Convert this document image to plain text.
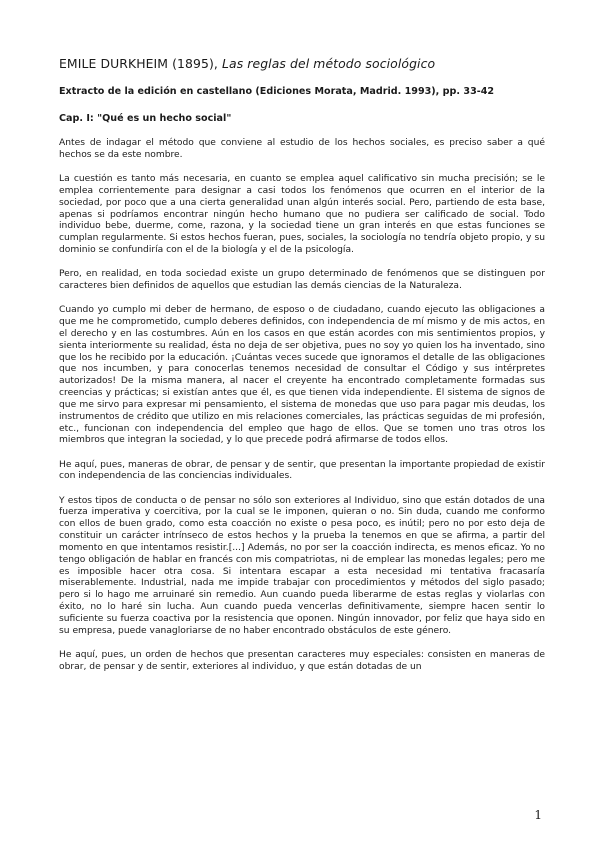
EMILE DURKHEIM (1895), Las reglas del método sociológico
Extracto de la edición en castellano (Ediciones Morata, Madrid. 1993), pp. 33-42
Cap. I: "Qué es un hecho social"

Antes de indagar el método que conviene al estudio de los hechos sociales, es preciso saber a qué hechos se da este nombre.

La cuestión es tanto más necesaria, en cuanto se emplea aquel calificativo sin mucha precisión; se le emplea corrientemente para designar a casi todos los fenómenos que ocurren en el interior de la sociedad, por poco que a una cierta generalidad unan algún interés social. Pero, partiendo de esta base, apenas si podríamos encontrar ningún hecho humano que no pudiera ser calificado de social. Todo individuo bebe, duerme, come, razona, y la sociedad tiene un gran interés en que estas funciones se cumplan regularmente. Si estos hechos fueran, pues, sociales, la sociología no tendría objeto propio, y su dominio se confundiría con el de la biología y el de la psicología.

Pero, en realidad, en toda sociedad existe un grupo determinado de fenómenos que se distinguen por caracteres bien definidos de aquellos que estudian las demás ciencias de la Naturaleza.

Cuando yo cumplo mi deber de hermano, de esposo o de ciudadano, cuando ejecuto las obligaciones a que me he comprometido, cumplo deberes definidos, con independencia de mí mismo y de mis actos, en el derecho y en las costumbres. Aún en los casos en que están acordes con mis sentimientos propios, y sienta interiormente su realidad, ésta no deja de ser objetiva, pues no soy yo quien los ha inventado, sino que los he recibido por la educación. ¡Cuántas veces sucede que ignoramos el detalle de las obligaciones que nos incumben, y para conocerlas tenemos necesidad de consultar el Código y sus intérpretes autorizados! De la misma manera, al nacer el creyente ha encontrado completamente formadas sus creencias y prácticas; si existían antes que él, es que tienen vida independiente. El sistema de signos de que me sirvo para expresar mi pensamiento, el sistema de monedas que uso para pagar mis deudas, los instrumentos de crédito que utilizo en mis relaciones comerciales, las prácticas seguidas de mi profesión, etc., funcionan con independencia del empleo que hago de ellos. Que se tomen uno tras otros los miembros que integran la sociedad, y lo que precede podrá afirmarse de todos ellos.

He aquí, pues, maneras de obrar, de pensar y de sentir, que presentan la importante propiedad de existir con independencia de las conciencias individuales.

Y estos tipos de conducta o de pensar no sólo son exteriores al Individuo, sino que están dotados de una fuerza imperativa y coercitiva, por la cual se le imponen, quieran o no. Sin duda, cuando me conformo con ellos de buen grado, como esta coacción no existe o pesa poco, es inútil; pero no por esto deja de constituir un carácter intrínseco de estos hechos y la prueba la tenemos en que se afirma, a partir del momento en que intentamos resistir.[...] Además, no por ser la coacción indirecta, es menos eficaz. Yo no tengo obligación de hablar en francés con mis compatriotas, ni de emplear las monedas legales; pero me es imposible hacer otra cosa. Si intentara escapar a esta necesidad mi tentativa fracasaría miserablemente. Industrial, nada me impide trabajar con procedimientos y métodos del siglo pasado; pero si lo hago me arruinaré sin remedio. Aun cuando pueda liberarme de estas reglas y violarlas con éxito, no lo haré sin lucha. Aun cuando pueda vencerlas definitivamente, siempre hacen sentir lo suficiente su fuerza coactiva por la resistencia que oponen. Ningún innovador, por feliz que haya sido en su empresa, puede vanagloriarse de no haber encontrado obstáculos de este género.

He aquí, pues, un orden de hechos que presentan caracteres muy especiales: consisten en maneras de obrar, de pensar y de sentir, exteriores al individuo, y que están dotadas de un

1
